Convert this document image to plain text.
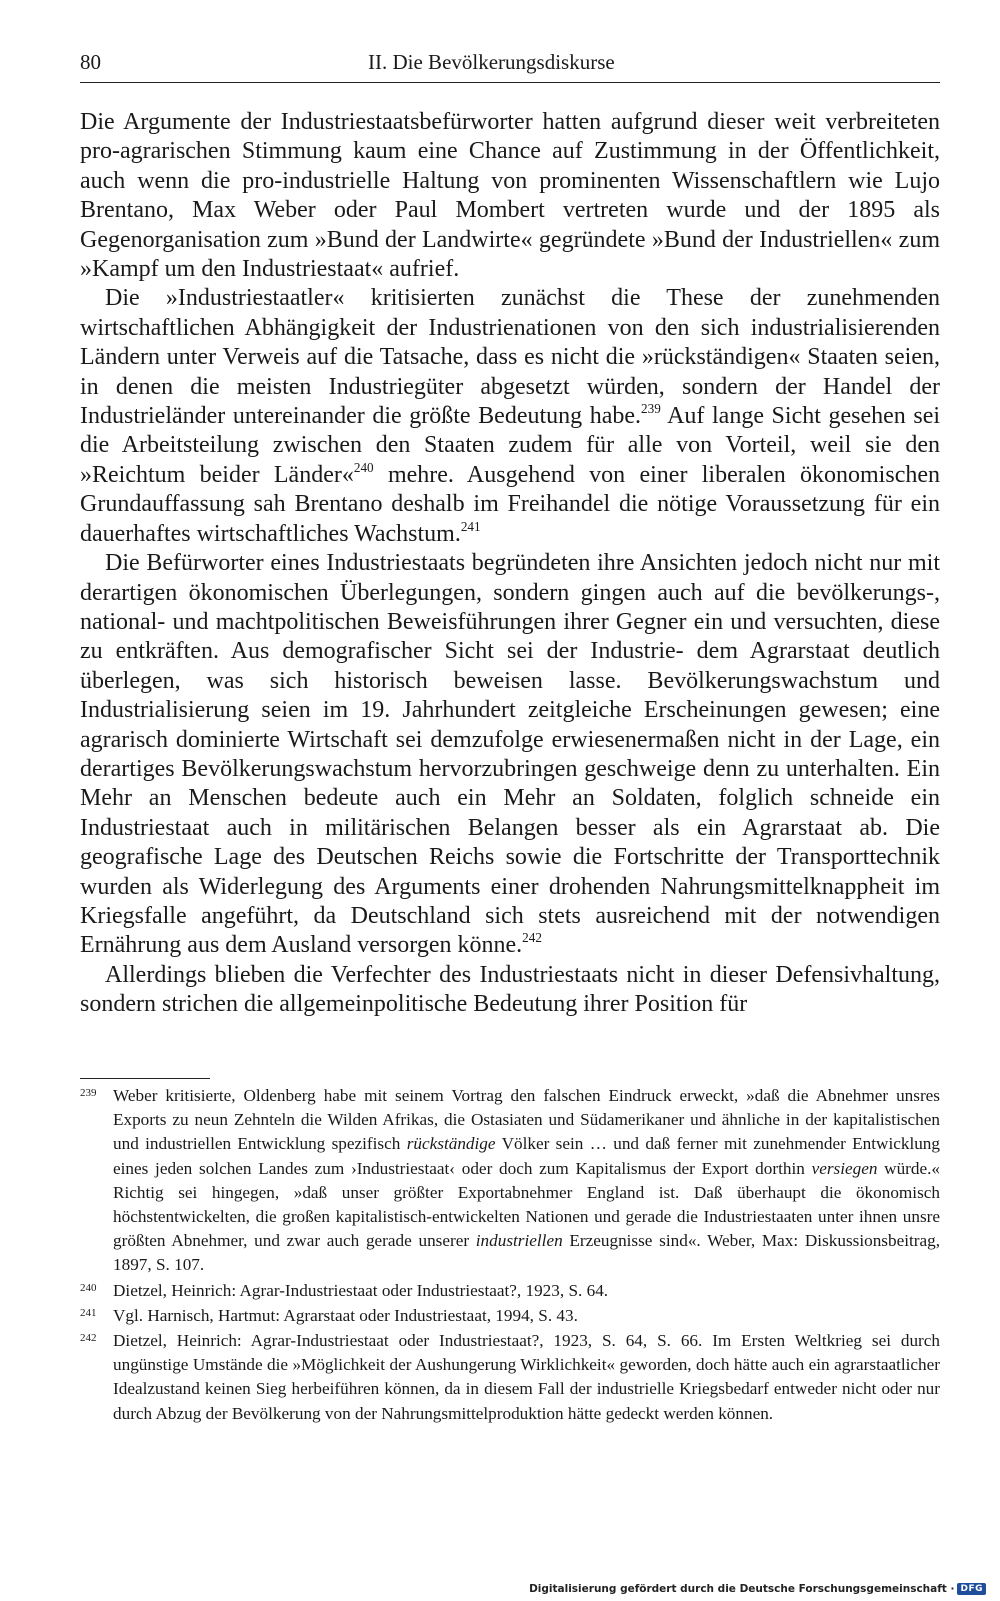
80	II. Die Bevölkerungsdiskurse

Die Argumente der Industriestaatsbefürworter hatten aufgrund dieser weit verbreiteten pro-agrarischen Stimmung kaum eine Chance auf Zustimmung in der Öffentlichkeit, auch wenn die pro-industrielle Haltung von prominenten Wissenschaftlern wie Lujo Brentano, Max Weber oder Paul Mombert vertreten wurde und der 1895 als Gegenorganisation zum »Bund der Landwirte« gegründete »Bund der Industriellen« zum »Kampf um den Industriestaat« aufrief.

Die »Industriestaatler« kritisierten zunächst die These der zunehmenden wirtschaftlichen Abhängigkeit der Industrienationen von den sich industrialisierenden Ländern unter Verweis auf die Tatsache, dass es nicht die »rückständigen« Staaten seien, in denen die meisten Industriegüter abgesetzt würden, sondern der Handel der Industrieländer untereinander die größte Bedeutung habe.$^{239}$ Auf lange Sicht gesehen sei die Arbeitsteilung zwischen den Staaten zudem für alle von Vorteil, weil sie den »Reichtum beider Länder«$^{240}$ mehre. Ausgehend von einer liberalen ökonomischen Grundauffassung sah Brentano deshalb im Freihandel die nötige Voraussetzung für ein dauerhaftes wirtschaftliches Wachstum.$^{241}$

Die Befürworter eines Industriestaats begründeten ihre Ansichten jedoch nicht nur mit derartigen ökonomischen Überlegungen, sondern gingen auch auf die bevölkerungs-, national- und machtpolitischen Beweisführungen ihrer Gegner ein und versuchten, diese zu entkräften. Aus demografischer Sicht sei der Industrie- dem Agrarstaat deutlich überlegen, was sich historisch beweisen lasse. Bevölkerungswachstum und Industrialisierung seien im 19. Jahrhundert zeitgleiche Erscheinungen gewesen; eine agrarisch dominierte Wirtschaft sei demzufolge erwiesenermaßen nicht in der Lage, ein derartiges Bevölkerungswachstum hervorzubringen geschweige denn zu unterhalten. Ein Mehr an Menschen bedeute auch ein Mehr an Soldaten, folglich schneide ein Industriestaat auch in militärischen Belangen besser als ein Agrarstaat ab. Die geografische Lage des Deutschen Reichs sowie die Fortschritte der Transporttechnik wurden als Widerlegung des Arguments einer drohenden Nahrungsmittelknappheit im Kriegsfalle angeführt, da Deutschland sich stets ausreichend mit der notwendigen Ernährung aus dem Ausland versorgen könne.$^{242}$

Allerdings blieben die Verfechter des Industriestaats nicht in dieser Defensivhaltung, sondern strichen die allgemeinpolitische Bedeutung ihrer Position für

239 Weber kritisierte, Oldenberg habe mit seinem Vortrag den falschen Eindruck erweckt, »daß die Abnehmer unsres Exports zu neun Zehnteln die Wilden Afrikas, die Ostasiaten und Südamerikaner und ähnliche in der kapitalistischen und industriellen Entwicklung spezifisch rückständige Völker sein … und daß ferner mit zunehmender Entwicklung eines jeden solchen Landes zum ›Industriestaat‹ oder doch zum Kapitalismus der Export dorthin versiegen würde.« Richtig sei hingegen, »daß unser größter Exportabnehmer England ist. Daß überhaupt die ökonomisch höchstentwickelten, die großen kapitalistisch-entwickelten Nationen und gerade die Industriestaaten unter ihnen unsre größten Abnehmer, und zwar auch gerade unserer industriellen Erzeugnisse sind«. Weber, Max: Diskussionsbeitrag, 1897, S. 107.
240 Dietzel, Heinrich: Agrar-Industriestaat oder Industriestaat?, 1923, S. 64.
241 Vgl. Harnisch, Hartmut: Agrarstaat oder Industriestaat, 1994, S. 43.
242 Dietzel, Heinrich: Agrar-Industriestaat oder Industriestaat?, 1923, S. 64, S. 66. Im Ersten Weltkrieg sei durch ungünstige Umstände die »Möglichkeit der Aushungerung Wirklichkeit« geworden, doch hätte auch ein agrarstaatlicher Idealzustand keinen Sieg herbeiführen können, da in diesem Fall der industrielle Kriegsbedarf entweder nicht oder nur durch Abzug der Bevölkerung von der Nahrungsmittelproduktion hätte gedeckt werden können.
Digitalisierung gefördert durch die Deutsche Forschungsgemeinschaft · DFG
